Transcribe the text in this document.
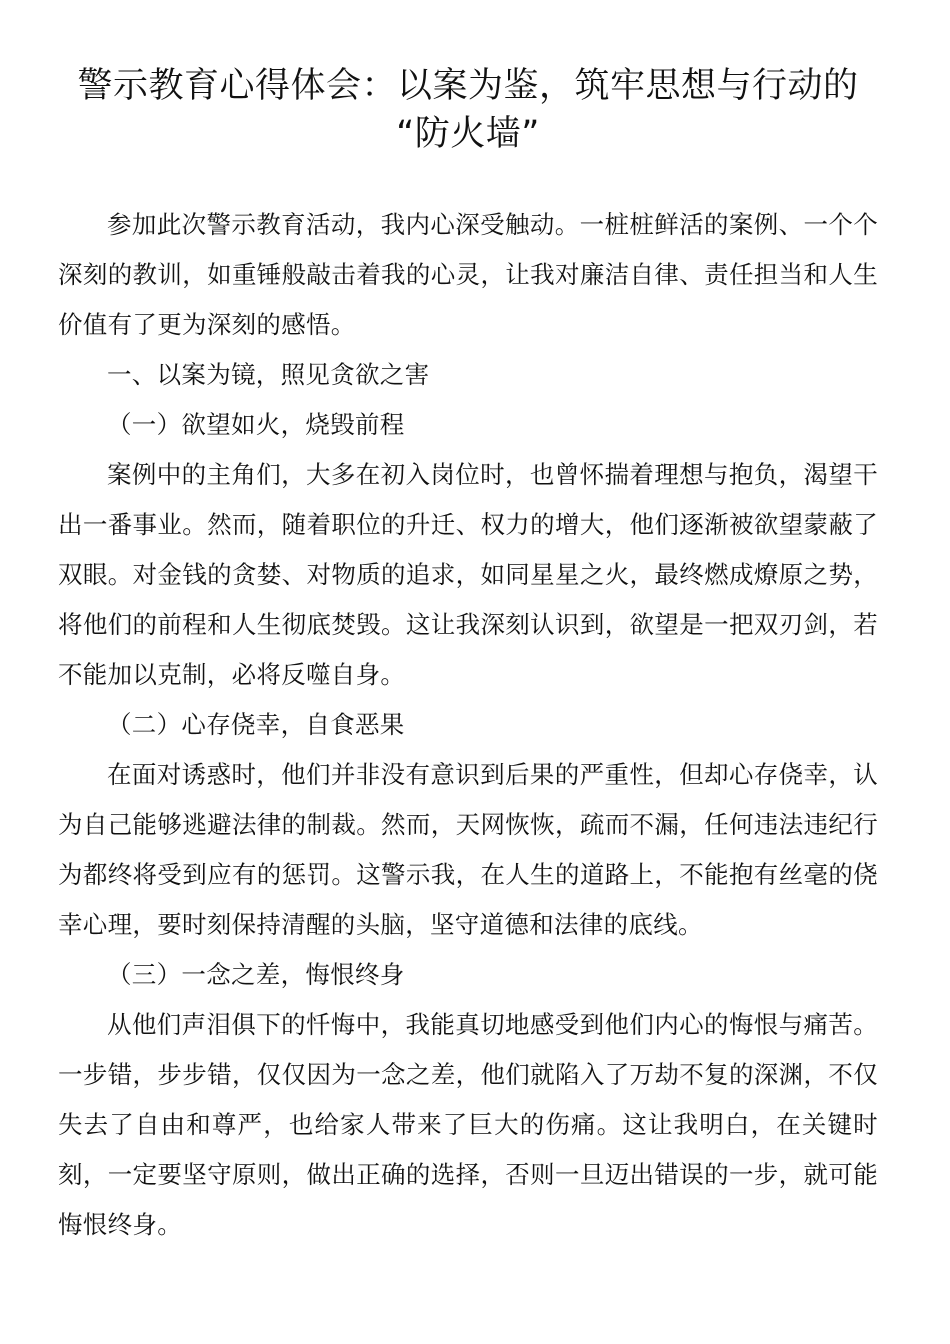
警示教育心得体会：以案为鉴，筑牢思想与行动的
“防火墙”

参加此次警示教育活动，我内心深受触动。一桩桩鲜活的案例、一个个深刻的教训，如重锤般敲击着我的心灵，让我对廉洁自律、责任担当和人生价值有了更为深刻的感悟。

一、以案为镜，照见贪欲之害

（一）欲望如火，烧毁前程

案例中的主角们，大多在初入岗位时，也曾怀揣着理想与抱负，渴望干出一番事业。然而，随着职位的升迁、权力的增大，他们逐渐被欲望蒙蔽了双眼。对金钱的贪婪、对物质的追求，如同星星之火，最终燃成燎原之势，将他们的前程和人生彻底焚毁。这让我深刻认识到，欲望是一把双刃剑，若不能加以克制，必将反噬自身。

（二）心存侥幸，自食恶果

在面对诱惑时，他们并非没有意识到后果的严重性，但却心存侥幸，认为自己能够逃避法律的制裁。然而，天网恢恢，疏而不漏，任何违法违纪行为都终将受到应有的惩罚。这警示我，在人生的道路上，不能抱有丝毫的侥幸心理，要时刻保持清醒的头脑，坚守道德和法律的底线。

（三）一念之差，悔恨终身

从他们声泪俱下的忏悔中，我能真切地感受到他们内心的悔恨与痛苦。一步错，步步错，仅仅因为一念之差，他们就陷入了万劫不复的深渊，不仅失去了自由和尊严，也给家人带来了巨大的伤痛。这让我明白，在关键时刻，一定要坚守原则，做出正确的选择，否则一旦迈出错误的一步，就可能悔恨终身。
